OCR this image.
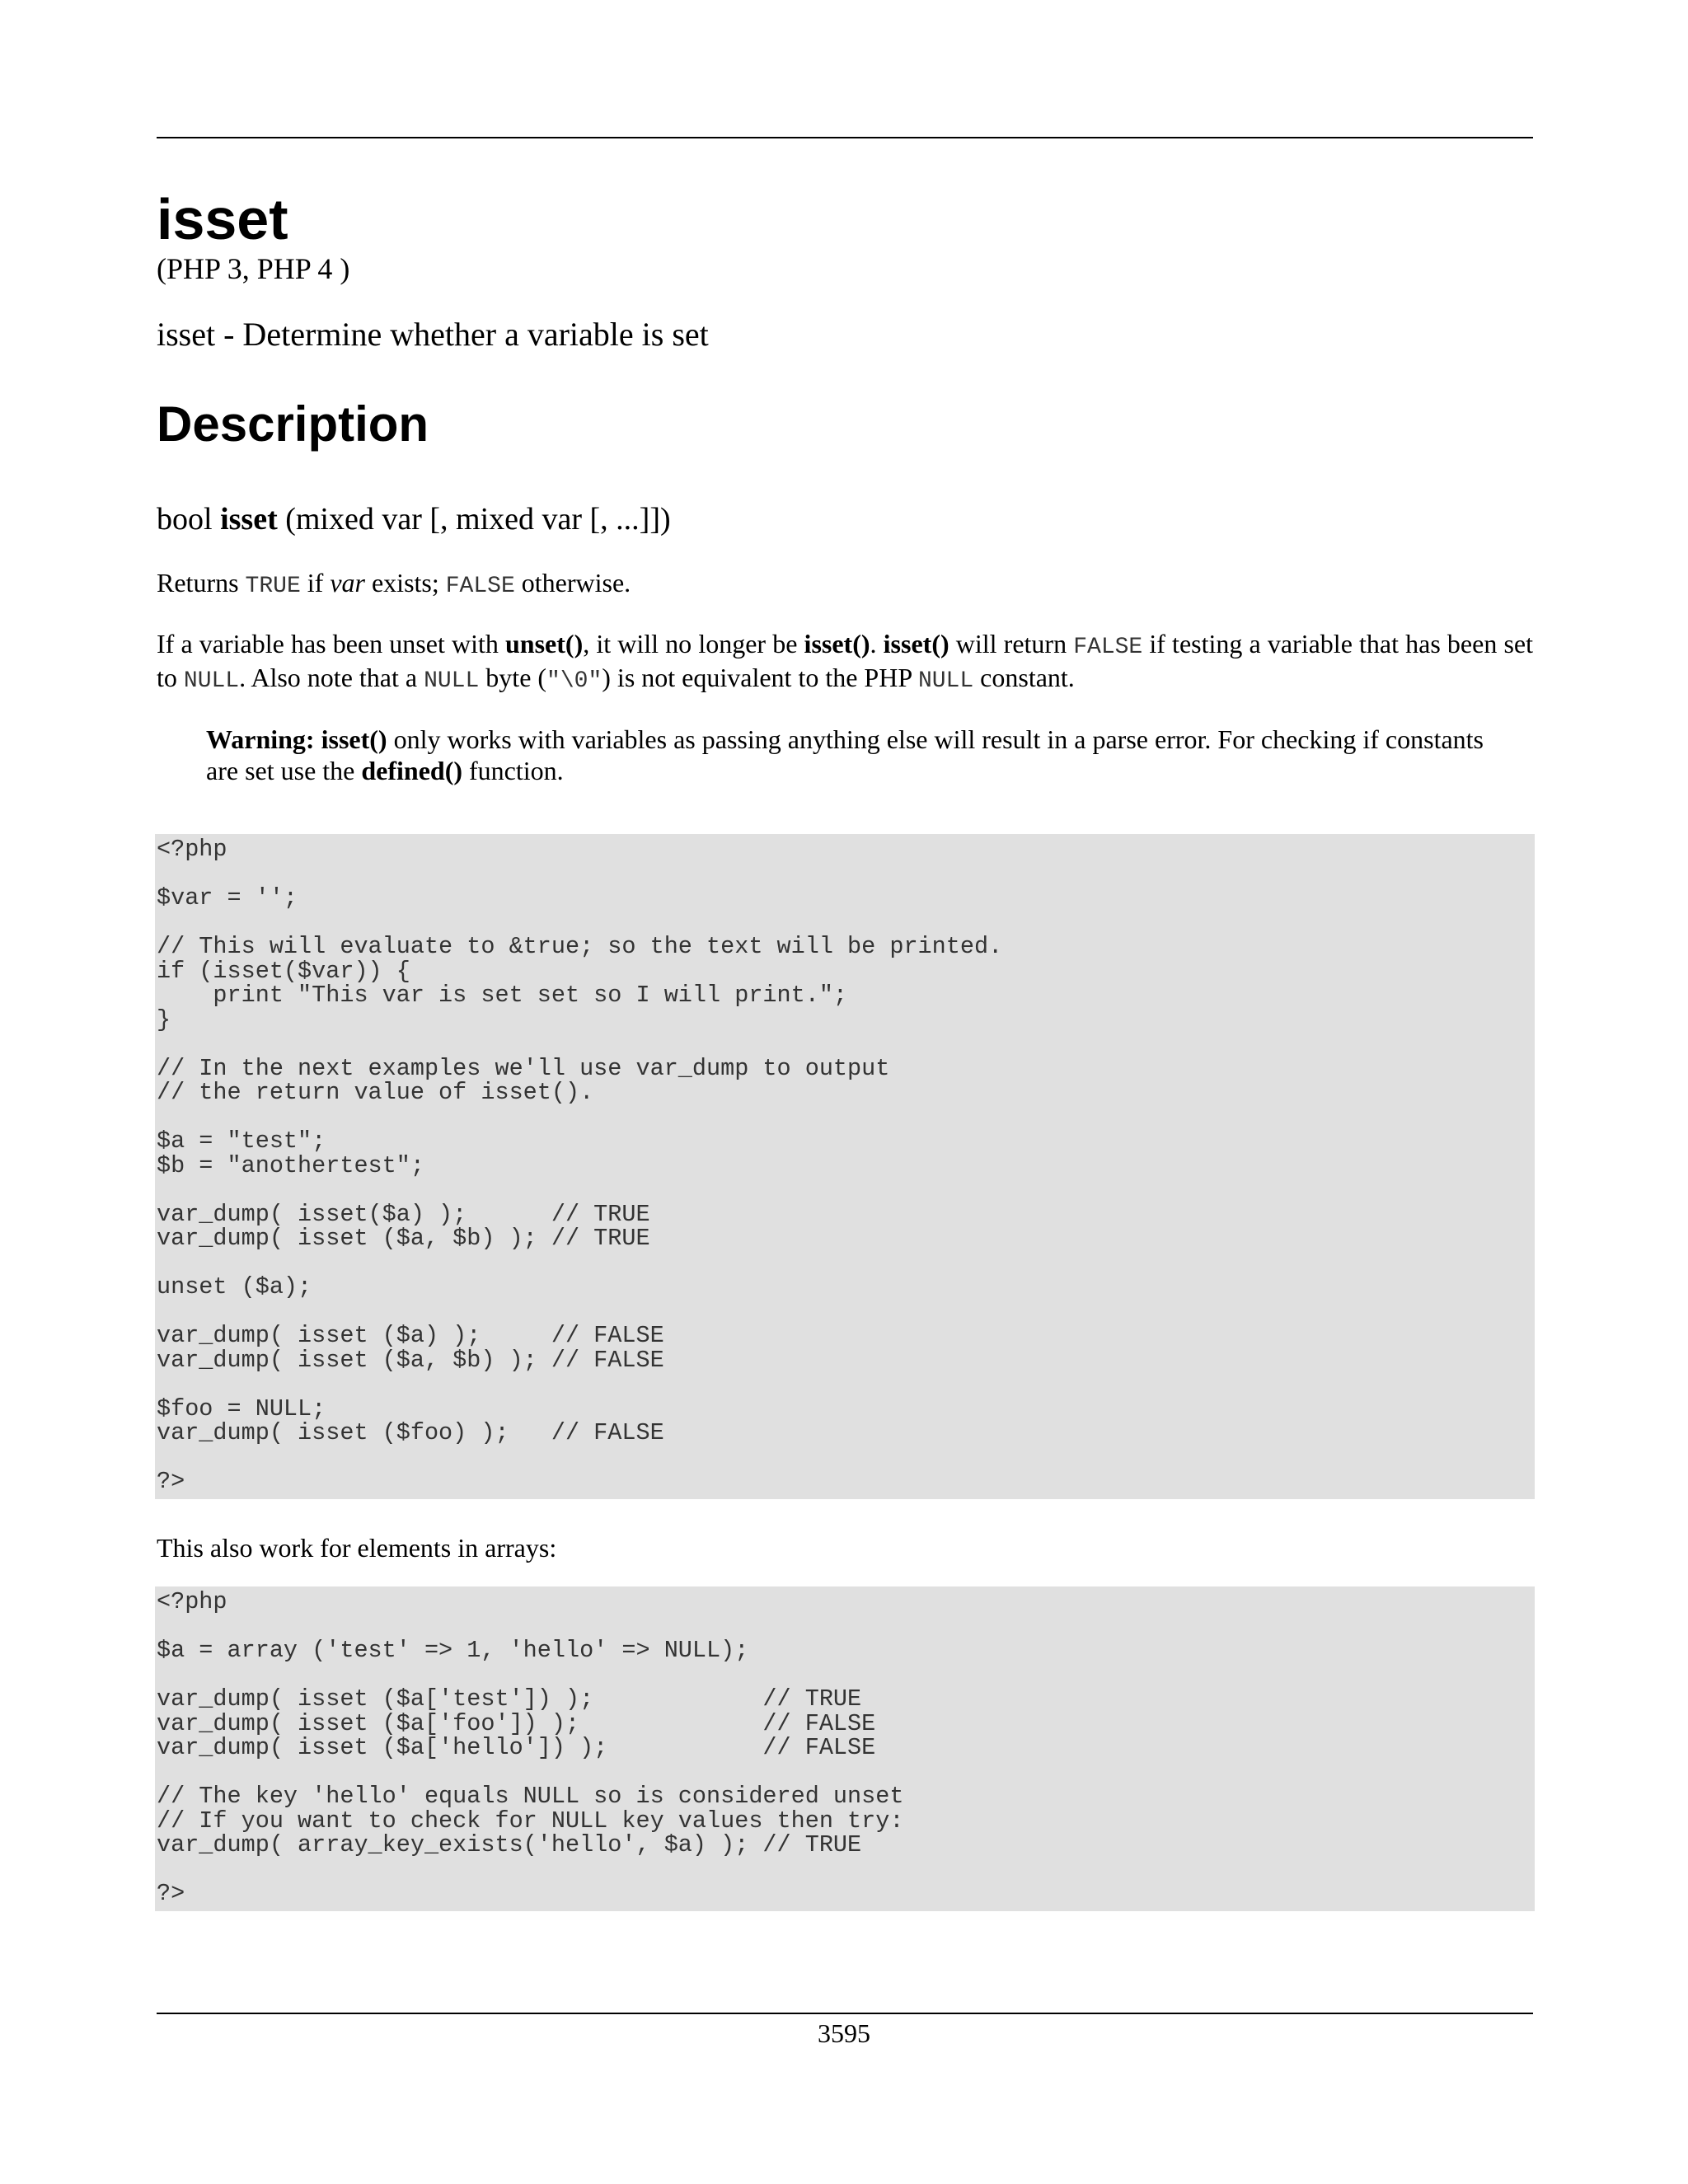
isset

(PHP 3, PHP 4 )

isset - Determine whether a variable is set

Description

bool isset (mixed var [, mixed var [, ...]])

Returns TRUE if var exists; FALSE otherwise.

If a variable has been unset with unset(), it will no longer be isset(). isset() will return FALSE if testing a variable that has been set to NULL. Also note that a NULL byte ("\0") is not equivalent to the PHP NULL constant.

Warning: isset() only works with variables as passing anything else will result in a parse error. For checking if constants are set use the defined() function.

<?php

$var = '';

// This will evaluate to &true; so the text will be printed.
if (isset($var)) {
print "This var is set set so I will print.";
}

// In the next examples we'll use var_dump to output
// the return value of isset().

$a = "test";
$b = "anothertest";

var_dump( isset($a) );      // TRUE
var_dump( isset ($a, $b) ); // TRUE

unset ($a);

var_dump( isset ($a) );     // FALSE
var_dump( isset ($a, $b) ); // FALSE

$foo = NULL;
var_dump( isset ($foo) );   // FALSE

?>

This also work for elements in arrays:

<?php

$a = array ('test' => 1, 'hello' => NULL);

var_dump( isset ($a['test']) );            // TRUE
var_dump( isset ($a['foo']) );             // FALSE
var_dump( isset ($a['hello']) );           // FALSE

// The key 'hello' equals NULL so is considered unset
// If you want to check for NULL key values then try:
var_dump( array_key_exists('hello', $a) ); // TRUE

?>
3595
